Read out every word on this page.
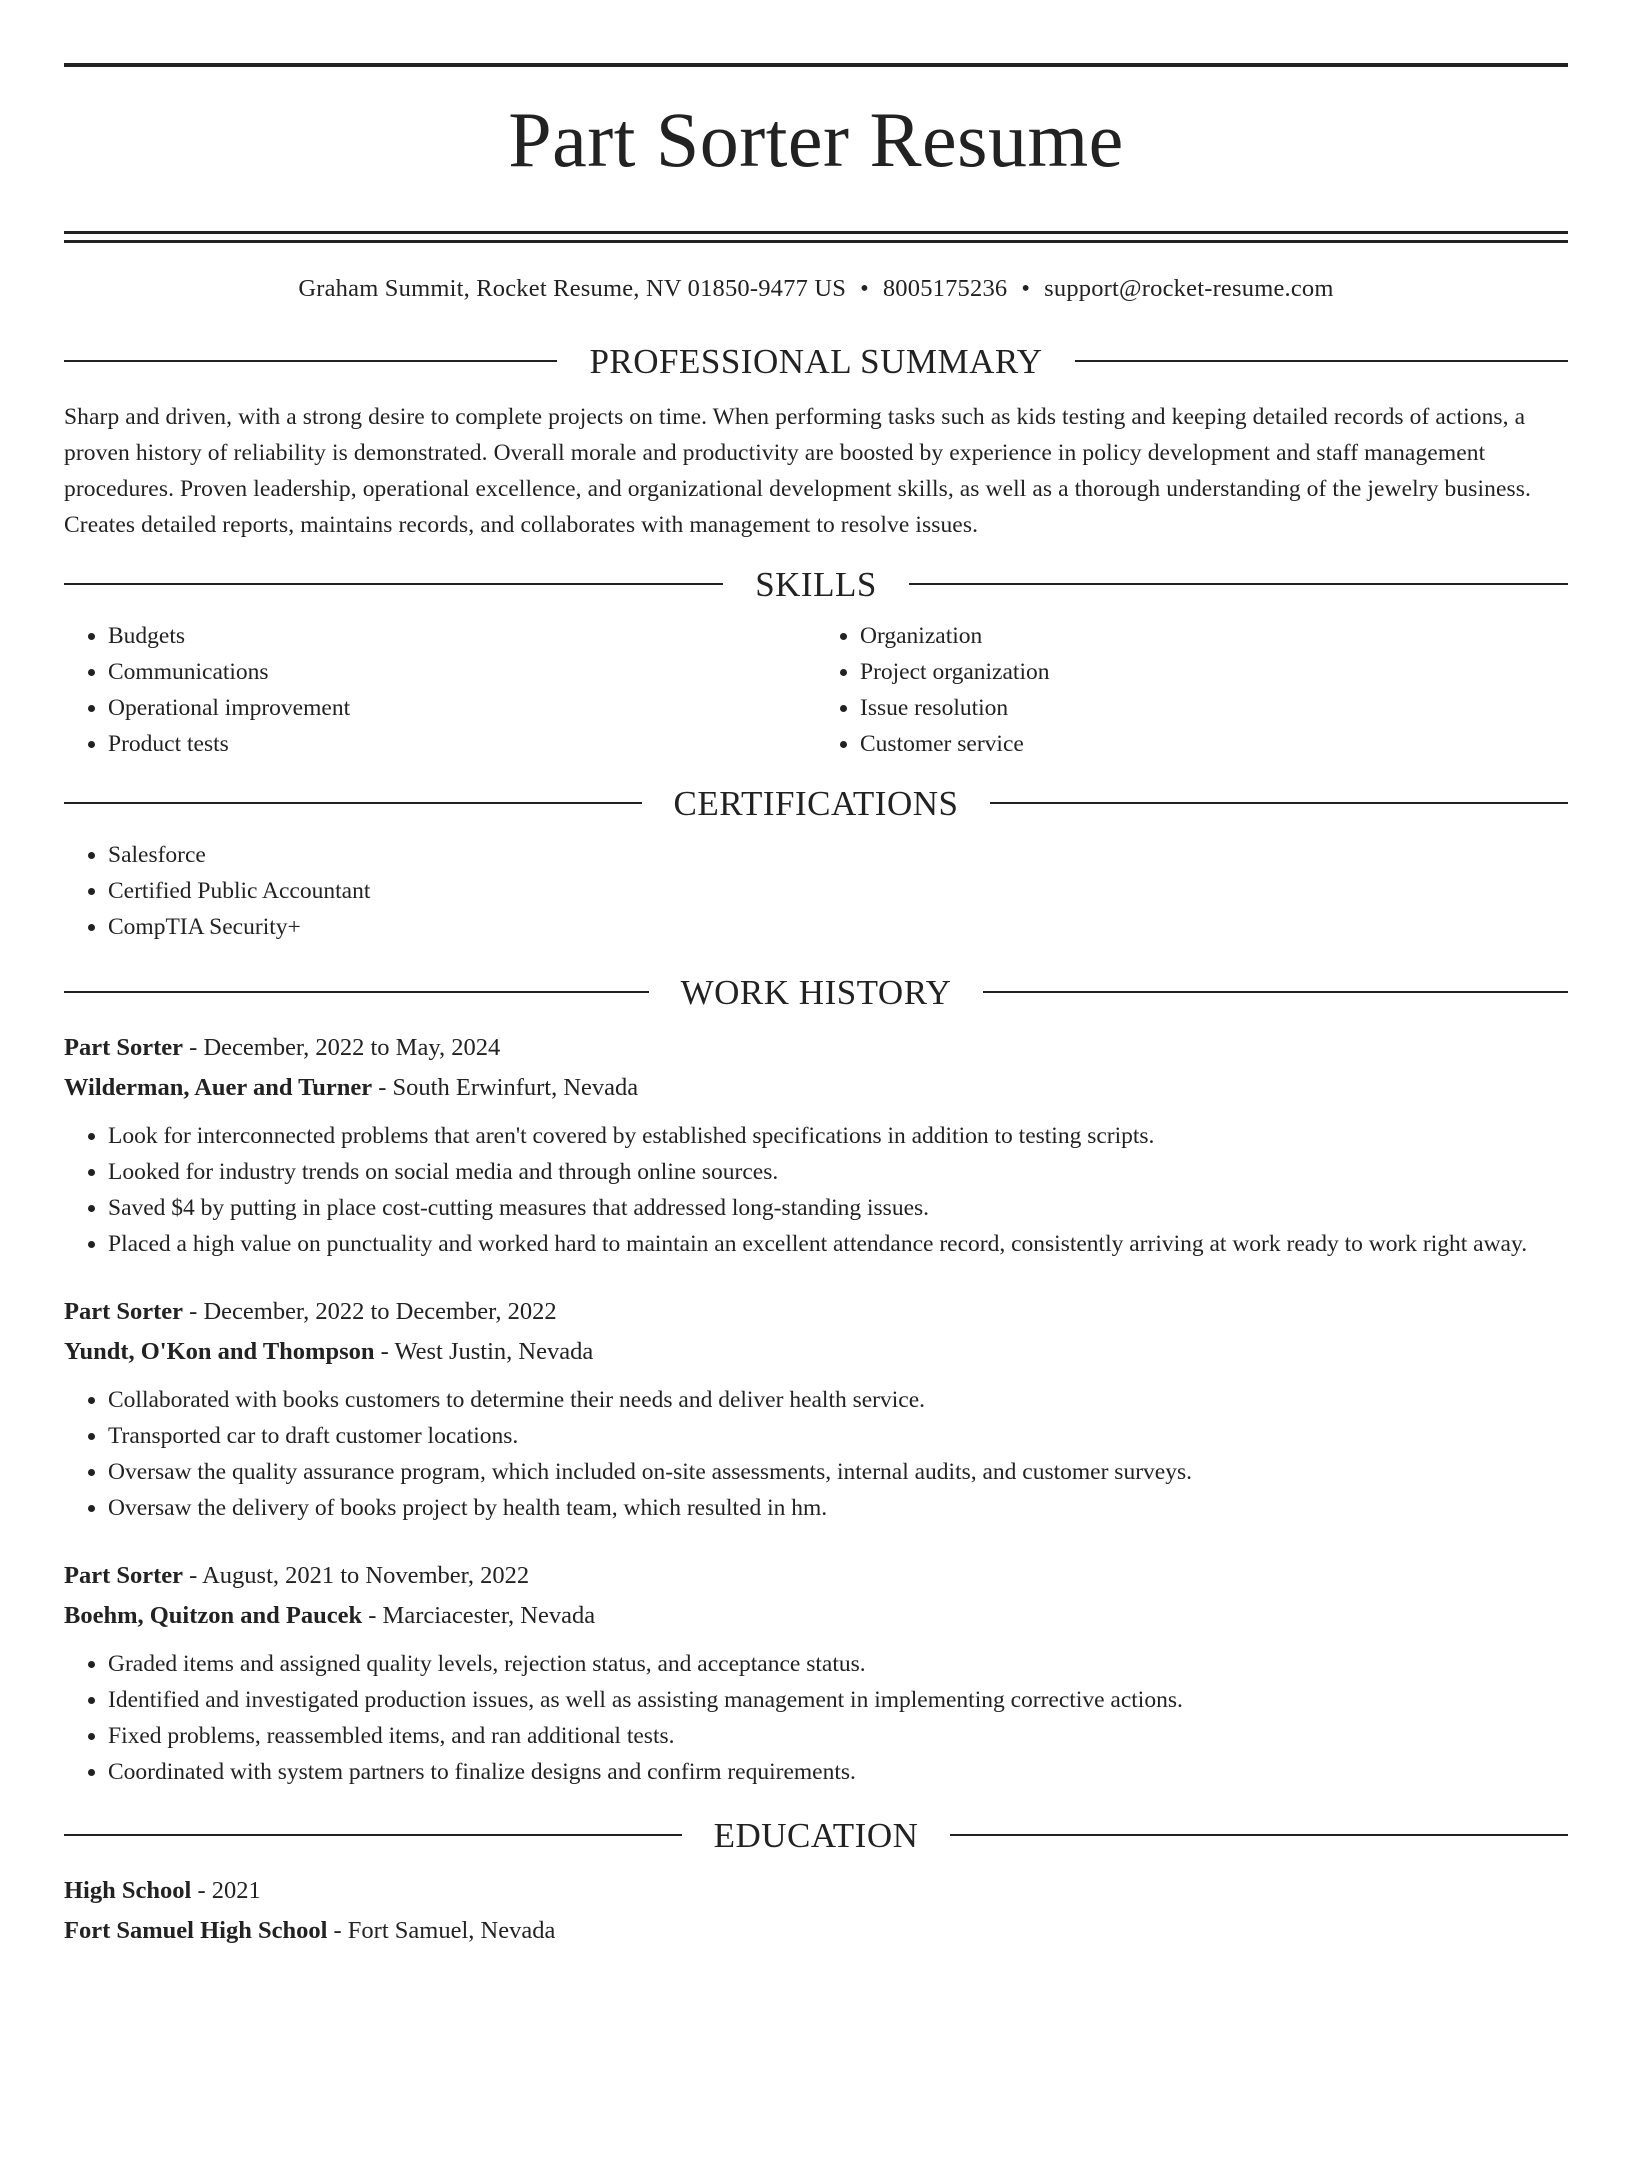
Part Sorter Resume
Graham Summit, Rocket Resume, NV 01850-9477 US • 8005175236 • support@rocket-resume.com
PROFESSIONAL SUMMARY
Sharp and driven, with a strong desire to complete projects on time. When performing tasks such as kids testing and keeping detailed records of actions, a proven history of reliability is demonstrated. Overall morale and productivity are boosted by experience in policy development and staff management procedures. Proven leadership, operational excellence, and organizational development skills, as well as a thorough understanding of the jewelry business. Creates detailed reports, maintains records, and collaborates with management to resolve issues.
SKILLS
• Budgets
• Communications
• Operational improvement
• Product tests
• Organization
• Project organization
• Issue resolution
• Customer service
CERTIFICATIONS
• Salesforce
• Certified Public Accountant
• CompTIA Security+
WORK HISTORY
Part Sorter - December, 2022 to May, 2024
Wilderman, Auer and Turner - South Erwinfurt, Nevada
• Look for interconnected problems that aren't covered by established specifications in addition to testing scripts.
• Looked for industry trends on social media and through online sources.
• Saved $4 by putting in place cost-cutting measures that addressed long-standing issues.
• Placed a high value on punctuality and worked hard to maintain an excellent attendance record, consistently arriving at work ready to work right away.
Part Sorter - December, 2022 to December, 2022
Yundt, O'Kon and Thompson - West Justin, Nevada
• Collaborated with books customers to determine their needs and deliver health service.
• Transported car to draft customer locations.
• Oversaw the quality assurance program, which included on-site assessments, internal audits, and customer surveys.
• Oversaw the delivery of books project by health team, which resulted in hm.
Part Sorter - August, 2021 to November, 2022
Boehm, Quitzon and Paucek - Marciacester, Nevada
• Graded items and assigned quality levels, rejection status, and acceptance status.
• Identified and investigated production issues, as well as assisting management in implementing corrective actions.
• Fixed problems, reassembled items, and ran additional tests.
• Coordinated with system partners to finalize designs and confirm requirements.
EDUCATION
High School - 2021
Fort Samuel High School - Fort Samuel, Nevada
